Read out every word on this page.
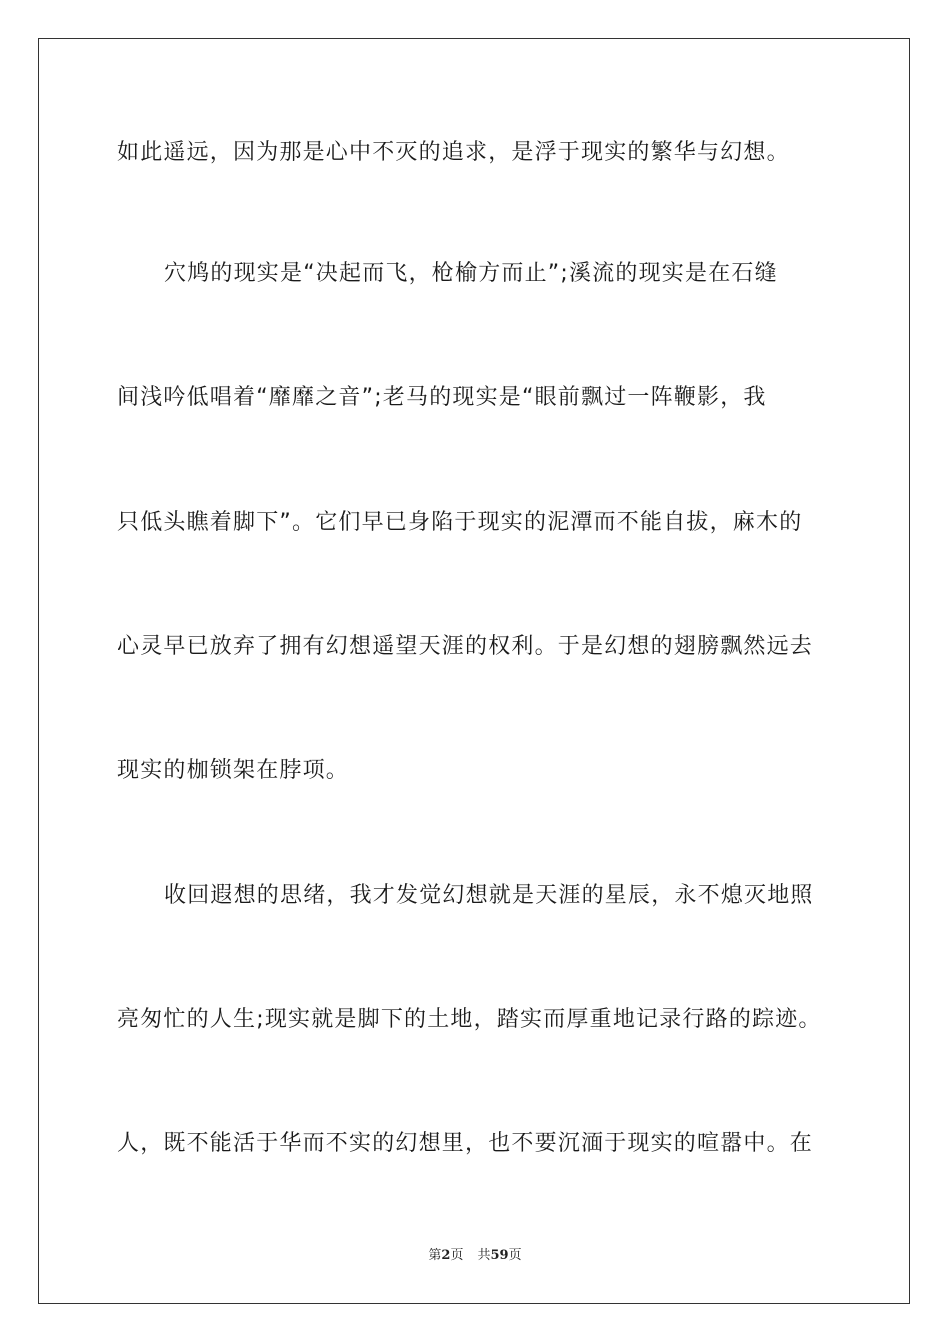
如此遥远，因为那是心中不灭的追求，是浮于现实的繁华与幻想。
穴鸠的现实是“决起而飞，枪榆方而止”;溪流的现实是在石缝
间浅吟低唱着“靡靡之音”;老马的现实是“眼前飘过一阵鞭影，我
只低头瞧着脚下”。它们早已身陷于现实的泥潭而不能自拔，麻木的
心灵早已放弃了拥有幻想遥望天涯的权利。于是幻想的翅膀飘然远去
现实的枷锁架在脖项。
收回遐想的思绪，我才发觉幻想就是天涯的星辰，永不熄灭地照
亮匆忙的人生;现实就是脚下的土地，踏实而厚重地记录行路的踪迹。
人，既不能活于华而不实的幻想里，也不要沉湎于现实的喧嚣中。在
第2页 共59页
